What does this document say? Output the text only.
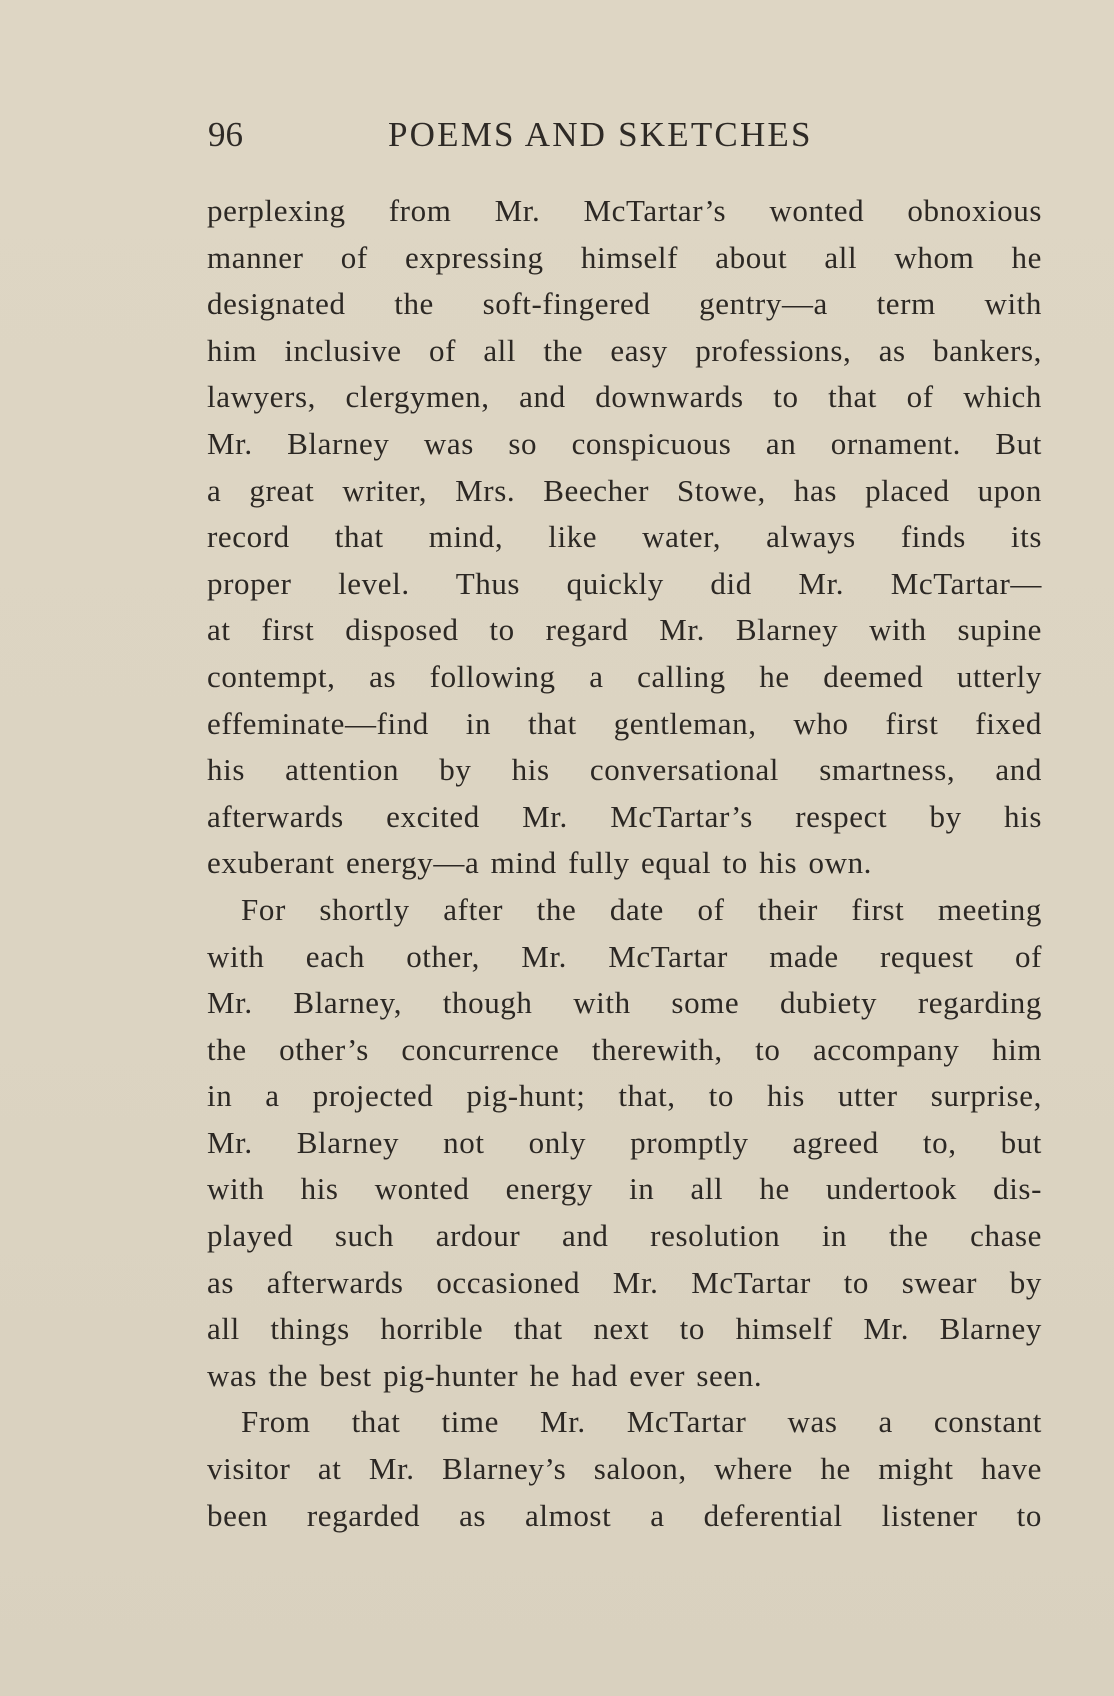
96	POEMS AND SKETCHES

perplexing from Mr. McTartar’s wonted obnoxious
manner of expressing himself about all whom he
designated the soft-fingered gentry—a term with
him inclusive of all the easy professions, as bankers,
lawyers, clergymen, and downwards to that of which
Mr. Blarney was so conspicuous an ornament. But
a great writer, Mrs. Beecher Stowe, has placed upon
record that mind, like water, always finds its
proper level. Thus quickly did Mr. McTartar—
at first disposed to regard Mr. Blarney with supine
contempt, as following a calling he deemed utterly
effeminate—find in that gentleman, who first fixed
his attention by his conversational smartness, and
afterwards excited Mr. McTartar’s respect by his
exuberant energy—a mind fully equal to his own.

For shortly after the date of their first meeting
with each other, Mr. McTartar made request of
Mr. Blarney, though with some dubiety regarding
the other’s concurrence therewith, to accompany him
in a projected pig-hunt; that, to his utter surprise,
Mr. Blarney not only promptly agreed to, but
with his wonted energy in all he undertook dis-
played such ardour and resolution in the chase
as afterwards occasioned Mr. McTartar to swear by
all things horrible that next to himself Mr. Blarney
was the best pig-hunter he had ever seen.

From that time Mr. McTartar was a constant
visitor at Mr. Blarney’s saloon, where he might have
been regarded as almost a deferential listener to
